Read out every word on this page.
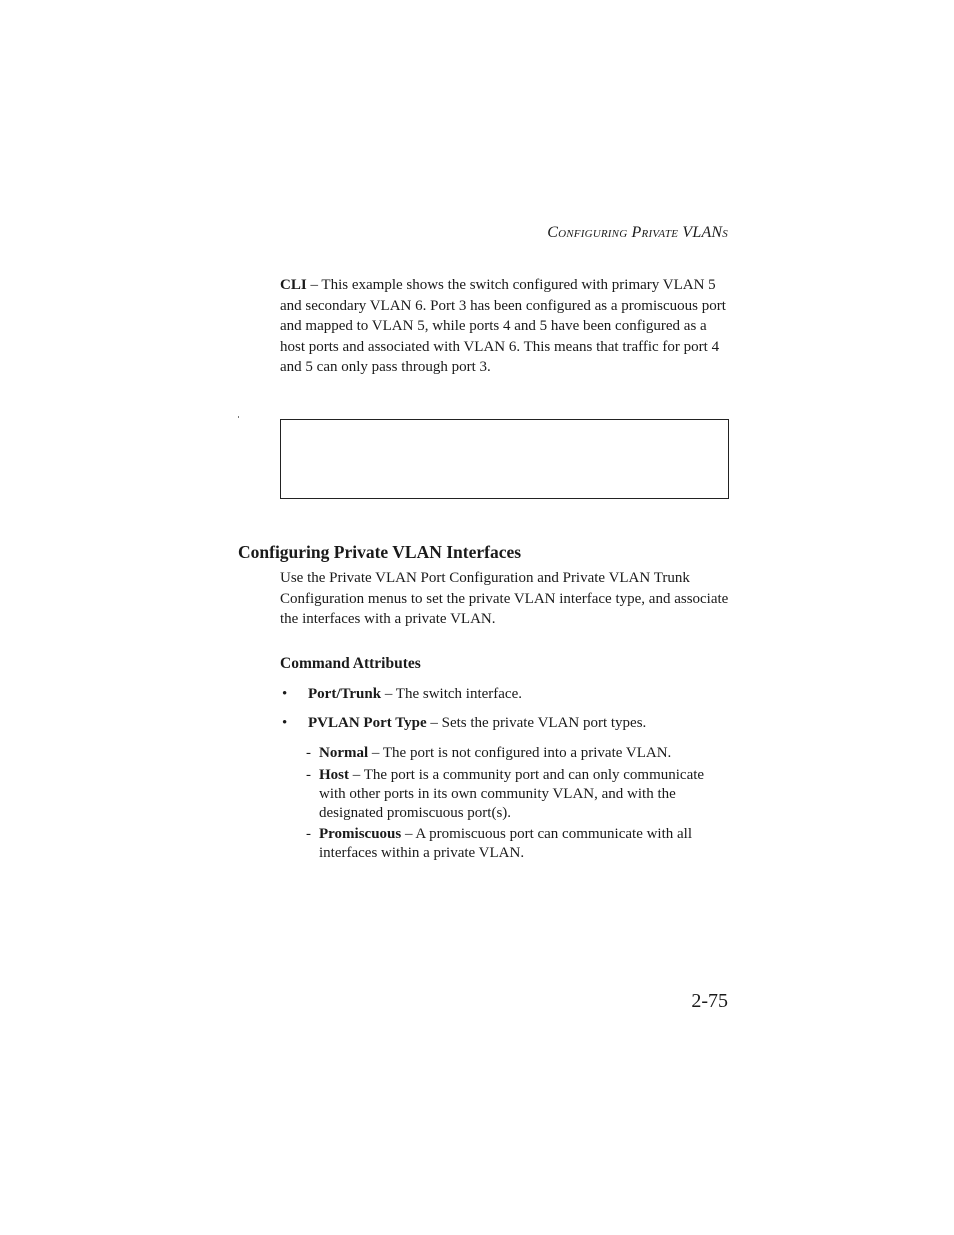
CONFIGURING PRIVATE VLANS

CLI – This example shows the switch configured with primary VLAN 5 and secondary VLAN 6. Port 3 has been configured as a promiscuous port and mapped to VLAN 5, while ports 4 and 5 have been configured as a host ports and associated with VLAN 6. This means that traffic for port 4 and 5 can only pass through port 3.

Configuring Private VLAN Interfaces

Use the Private VLAN Port Configuration and Private VLAN Trunk Configuration menus to set the private VLAN interface type, and associate the interfaces with a private VLAN.

Command Attributes
• Port/Trunk – The switch interface.
• PVLAN Port Type – Sets the private VLAN port types.
- Normal – The port is not configured into a private VLAN.
- Host – The port is a community port and can only communicate with other ports in its own community VLAN, and with the designated promiscuous port(s).
- Promiscuous – A promiscuous port can communicate with all interfaces within a private VLAN.
2-75
